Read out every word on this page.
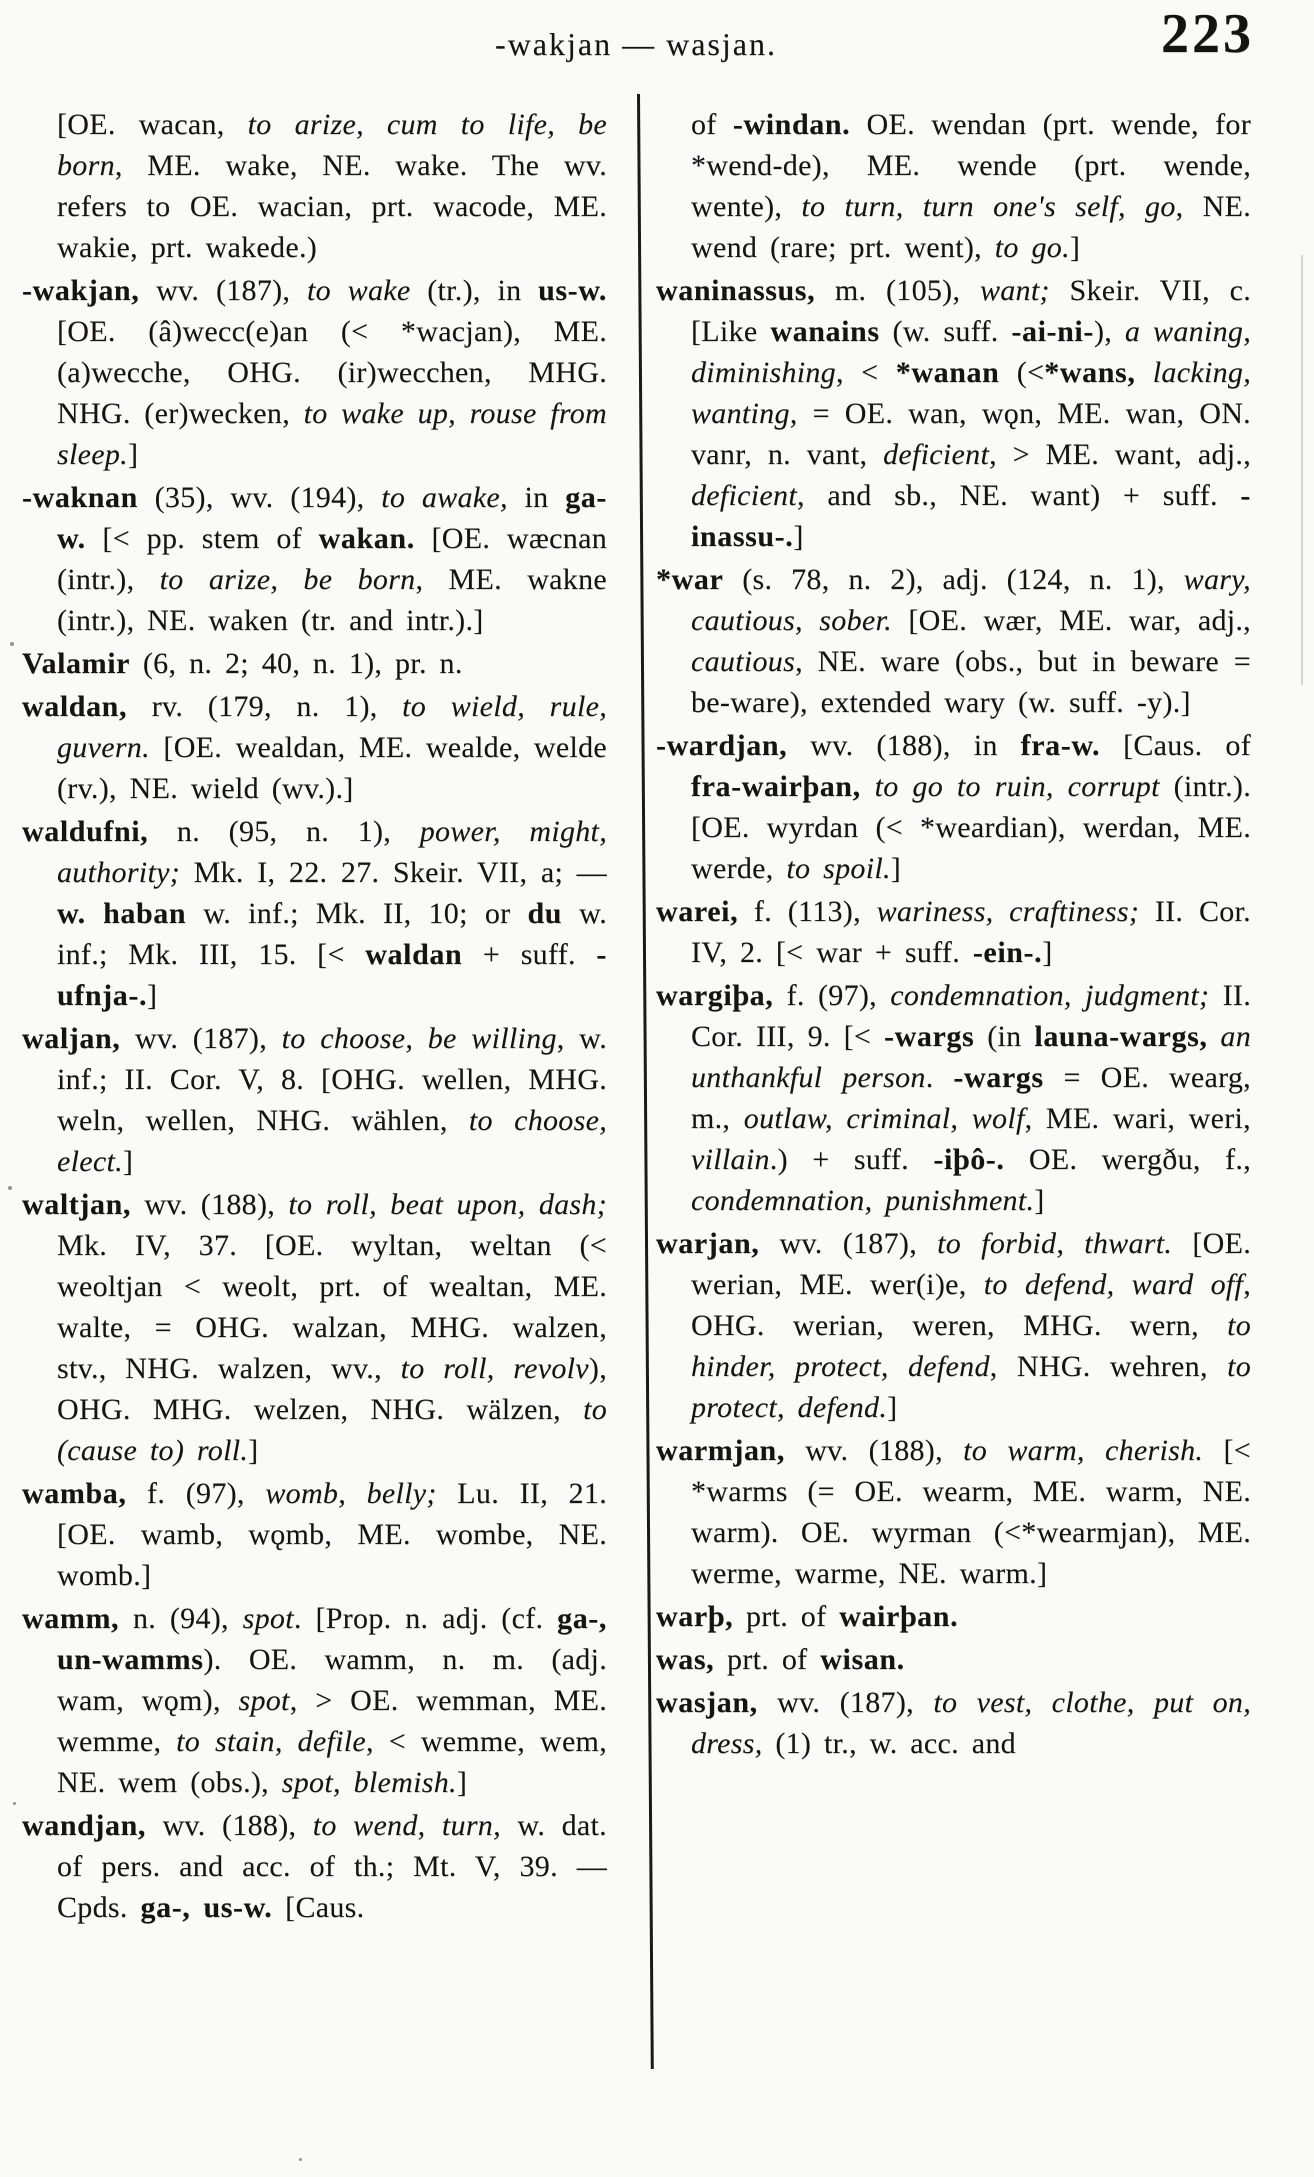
-wakjan — wasjan.	223

[OE. wacan, to arize, cum to life, be born, ME. wake, NE. wake. The wv. refers to OE. wacian, prt. wacode, ME. wakie, prt. wakede.)

-wakjan, wv. (187), to wake (tr.), in us-w. [OE. (â)wecc(e)an (< *wacjan), ME. (a)wecche, OHG. (ir)wecchen, MHG. NHG. (er)wecken, to wake up, rouse from sleep.]

-waknan (35), wv. (194), to awake, in ga-w. [< pp. stem of wakan. [OE. wæcnan (intr.), to arize, be born, ME. wakne (intr.), NE. waken (tr. and intr.).]

Valamir (6, n. 2; 40, n. 1), pr. n.

waldan, rv. (179, n. 1), to wield, rule, guvern. [OE. wealdan, ME. wealde, welde (rv.), NE. wield (wv.).]

waldufni, n. (95, n. 1), power, might, authority; Mk. I, 22. 27. Skeir. VII, a; — w. haban w. inf.; Mk. II, 10; or du w. inf.; Mk. III, 15. [< waldan + suff. -ufnja-.]

waljan, wv. (187), to choose, be willing, w. inf.; II. Cor. V, 8. [OHG. wellen, MHG. weln, wellen, NHG. wählen, to choose, elect.]

waltjan, wv. (188), to roll, beat upon, dash; Mk. IV, 37. [OE. wyltan, weltan (< weoltjan < weolt, prt. of wealtan, ME. walte, = OHG. walzan, MHG. walzen, stv., NHG. walzen, wv., to roll, revolv), OHG. MHG. welzen, NHG. wälzen, to (cause to) roll.]

wamba, f. (97), womb, belly; Lu. II, 21. [OE. wamb, wǫmb, ME. wombe, NE. womb.]

wamm, n. (94), spot. [Prop. n. adj. (cf. ga-, un-wamms). OE. wamm, n. m. (adj. wam, wǫm), spot, > OE. wemman, ME. wemme, to stain, defile, < wemme, wem, NE. wem (obs.), spot, blemish.]

wandjan, wv. (188), to wend, turn, w. dat. of pers. and acc. of th.; Mt. V, 39. — Cpds. ga-, us-w. [Caus.

of -windan. OE. wendan (prt. wende, for *wend-de), ME. wende (prt. wende, wente), to turn, turn one's self, go, NE. wend (rare; prt. went), to go.]

waninassus, m. (105), want; Skeir. VII, c. [Like wanains (w. suff. -ai-ni-), a waning, diminishing, < *wanan (<*wans, lacking, wanting, = OE. wan, wǫn, ME. wan, ON. vanr, n. vant, deficient, > ME. want, adj., deficient, and sb., NE. want) + suff. -inassu-.]

*war (s. 78, n. 2), adj. (124, n. 1), wary, cautious, sober. [OE. wær, ME. war, adj., cautious, NE. ware (obs., but in beware = be-ware), extended wary (w. suff. -y).]

-wardjan, wv. (188), in fra-w. [Caus. of fra-wairþan, to go to ruin, corrupt (intr.). [OE. wyrdan (< *weardian), werdan, ME. werde, to spoil.]

warei, f. (113), wariness, craftiness; II. Cor. IV, 2. [< war + suff. -ein-.]

wargiþa, f. (97), condemnation, judgment; II. Cor. III, 9. [< -wargs (in launa-wargs, an unthankful person. -wargs = OE. wearg, m., outlaw, criminal, wolf, ME. wari, weri, villain.) + suff. -iþô-. OE. wergðu, f., condemnation, punishment.]

warjan, wv. (187), to forbid, thwart. [OE. werian, ME. wer(i)e, to defend, ward off, OHG. werian, weren, MHG. wern, to hinder, protect, defend, NHG. wehren, to protect, defend.]

warmjan, wv. (188), to warm, cherish. [< *warms (= OE. wearm, ME. warm, NE. warm). OE. wyrman (<*wearmjan), ME. werme, warme, NE. warm.]

warþ, prt. of wairþan.

was, prt. of wisan.

wasjan, wv. (187), to vest, clothe, put on, dress, (1) tr., w. acc. and
